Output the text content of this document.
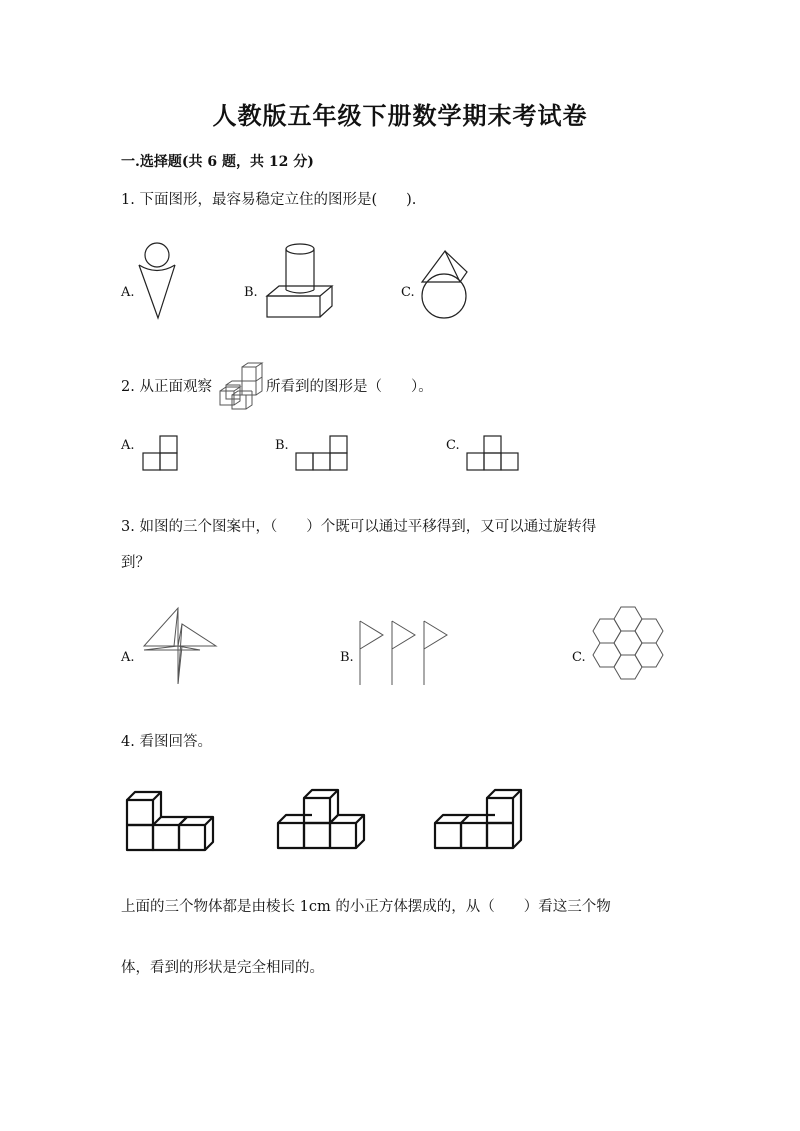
人教版五年级下册数学期末考试卷
一.选择题(共 6 题，共 12 分)
1. 下面图形，最容易稳定立住的图形是(　　).
A.	B.	C.
2. 从正面观察	所看到的图形是（　　）。
A.	B.	C.
3. 如图的三个图案中，（　　）个既可以通过平移得到，又可以通过旋转得
到？
A.	B.	C.
4. 看图回答。
上面的三个物体都是由棱长 1cm 的小正方体摆成的，从（　　）看这三个物
体，看到的形状是完全相同的。
